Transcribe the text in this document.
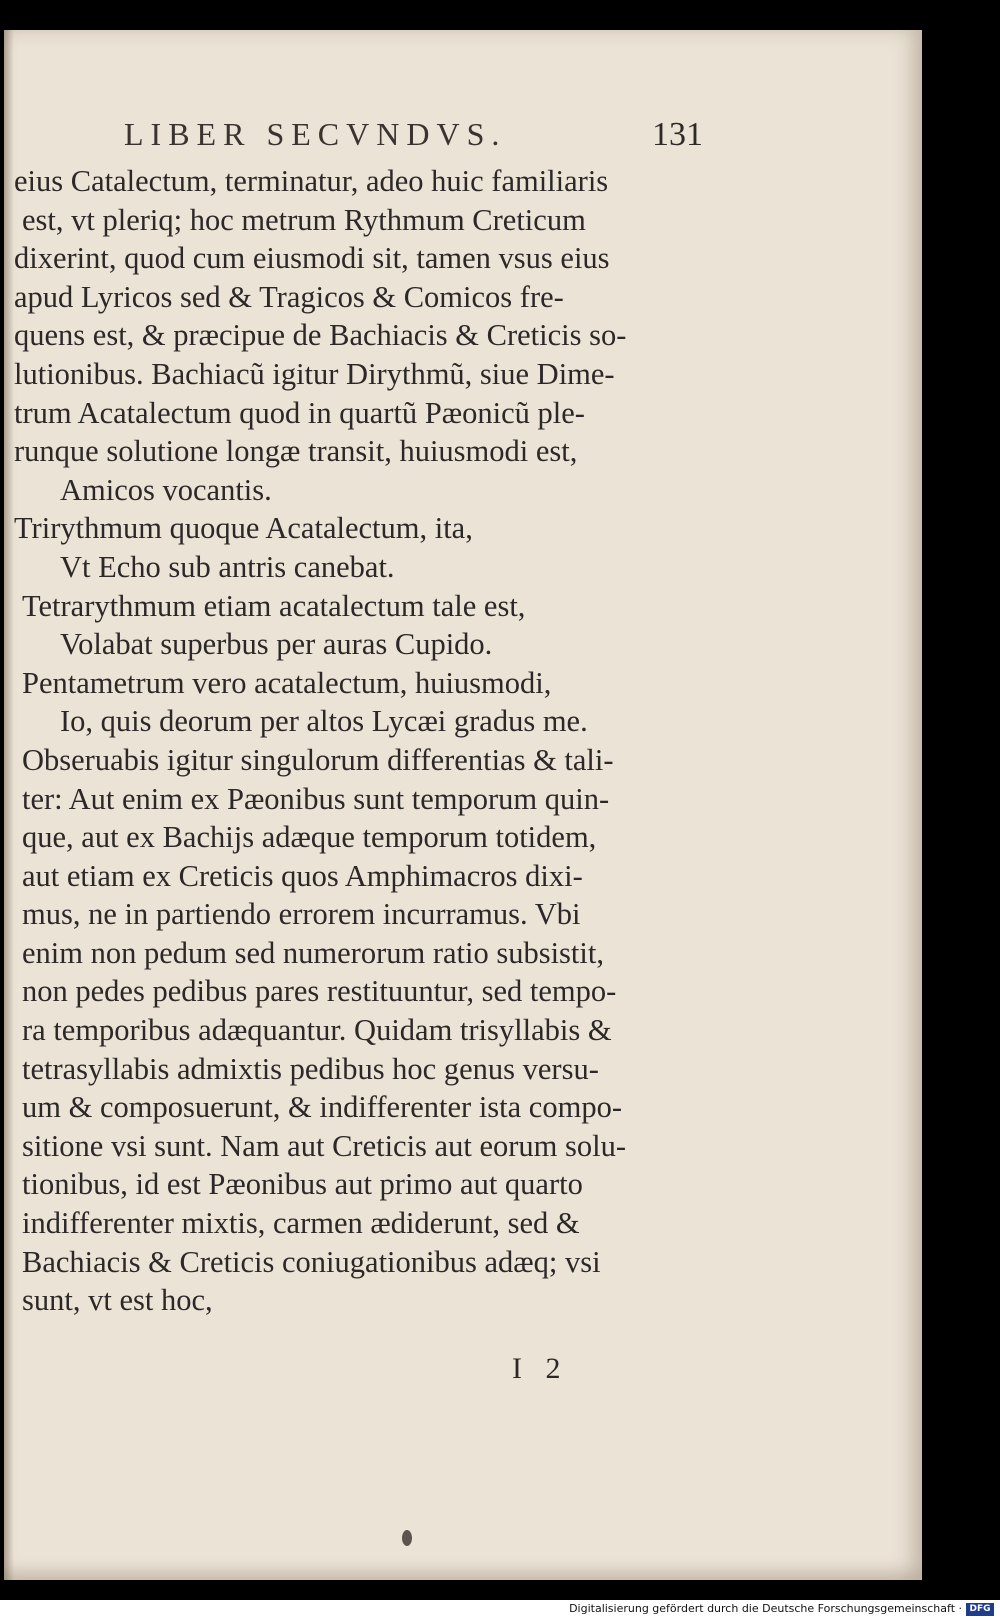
LIBER SECVNDVS.	131
eius Catalectum, terminatur, adeo huic familiaris
est, vt pleriq; hoc metrum Rythmum Creticum
dixerint, quod cum eiusmodi sit, tamen vsus eius
apud Lyricos sed & Tragicos & Comicos fre-
quens est, & præcipue de Bachiacis & Creticis so-
lutionibus. Bachiacũ igitur Dirythmũ, siue Dime-
trum Acatalectum quod in quartũ Pæonicũ ple-
runque solutione longæ transit, huiusmodi est,
Amicos vocantis.
Trirythmum quoque Acatalectum, ita,
Vt Echo sub antris canebat.
Tetrarythmum etiam acatalectum tale est,
Volabat superbus per auras Cupido.
Pentametrum vero acatalectum, huiusmodi,
Io, quis deorum per altos Lycæi gradus me.
Obseruabis igitur singulorum differentias & tali-
ter: Aut enim ex Pæonibus sunt temporum quin-
que, aut ex Bachijs adæque temporum totidem,
aut etiam ex Creticis quos Amphimacros dixi-
mus, ne in partiendo errorem incurramus. Vbi
enim non pedum sed numerorum ratio subsistit,
non pedes pedibus pares restituuntur, sed tempo-
ra temporibus adæquantur. Quidam trisyllabis &
tetrasyllabis admixtis pedibus hoc genus versu-
um & composuerunt, & indifferenter ista compo-
sitione vsi sunt. Nam aut Creticis aut eorum solu-
tionibus, id est Pæonibus aut primo aut quarto
indifferenter mixtis, carmen ædiderunt, sed &
Bachiacis & Creticis coniugationibus adæq; vsi
sunt, vt est hoc,
I 2
Digitalisierung gefördert durch die Deutsche Forschungsgemeinschaft · DFG
